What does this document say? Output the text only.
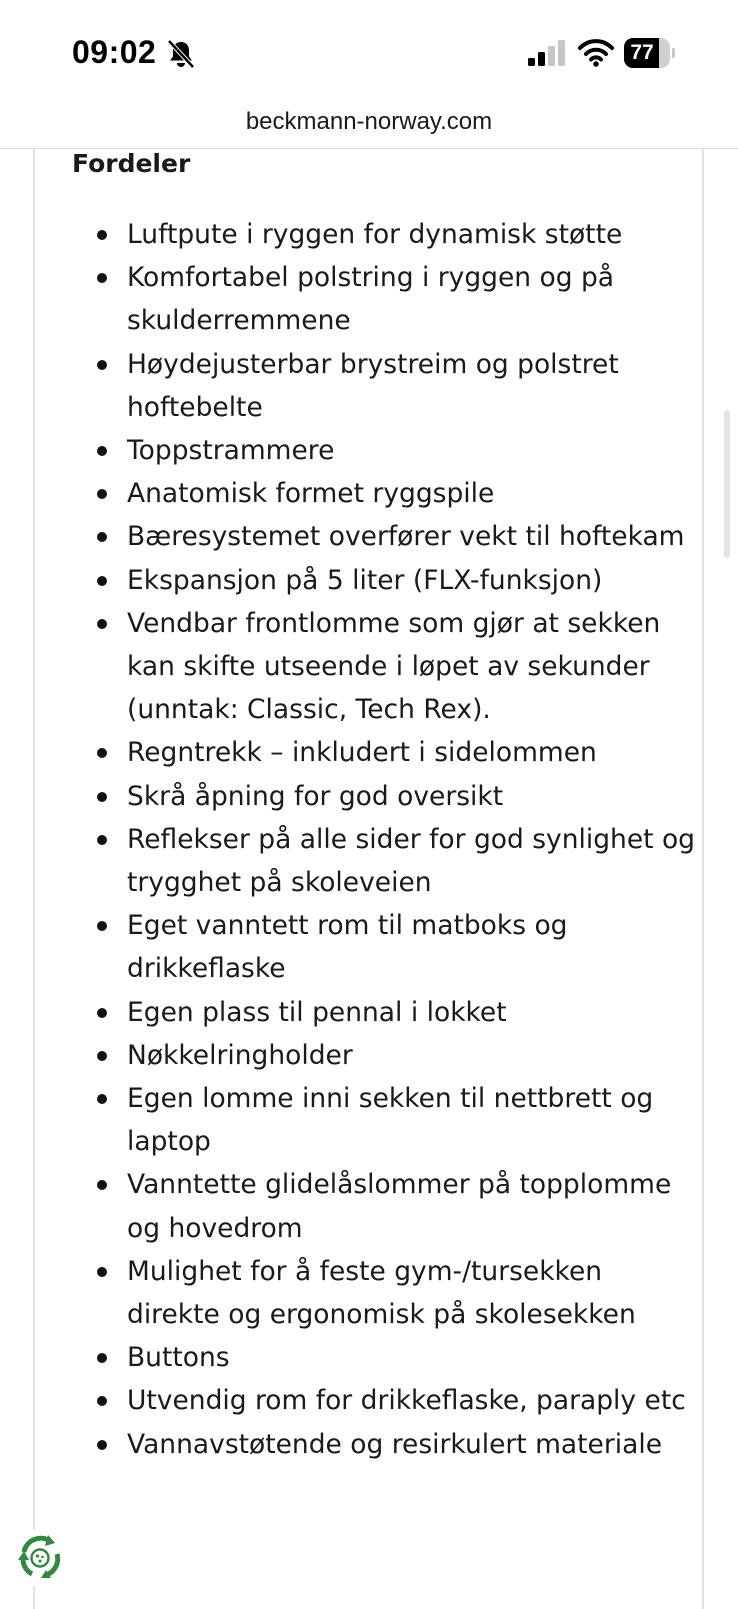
09:02	77
beckmann-norway.com
Fordeler
Luftpute i ryggen for dynamisk støtte
Komfortabel polstring i ryggen og på skulderremmene
Høydejusterbar brystreim og polstret hoftebelte
Toppstrammere
Anatomisk formet ryggspile
Bæresystemet overfører vekt til hoftekam
Ekspansjon på 5 liter (FLX-funksjon)
Vendbar frontlomme som gjør at sekken kan skifte utseende i løpet av sekunder (unntak: Classic, Tech Rex).
Regntrekk – inkludert i sidelommen
Skrå åpning for god oversikt
Reflekser på alle sider for god synlighet og trygghet på skoleveien
Eget vanntett rom til matboks og drikkeflaske
Egen plass til pennal i lokket
Nøkkelringholder
Egen lomme inni sekken til nettbrett og laptop
Vanntette glidelåslommer på topplomme og hovedrom
Mulighet for å feste gym-/tursekken direkte og ergonomisk på skolesekken
Buttons
Utvendig rom for drikkeflaske, paraply etc
Vannavstøtende og resirkulert materiale
